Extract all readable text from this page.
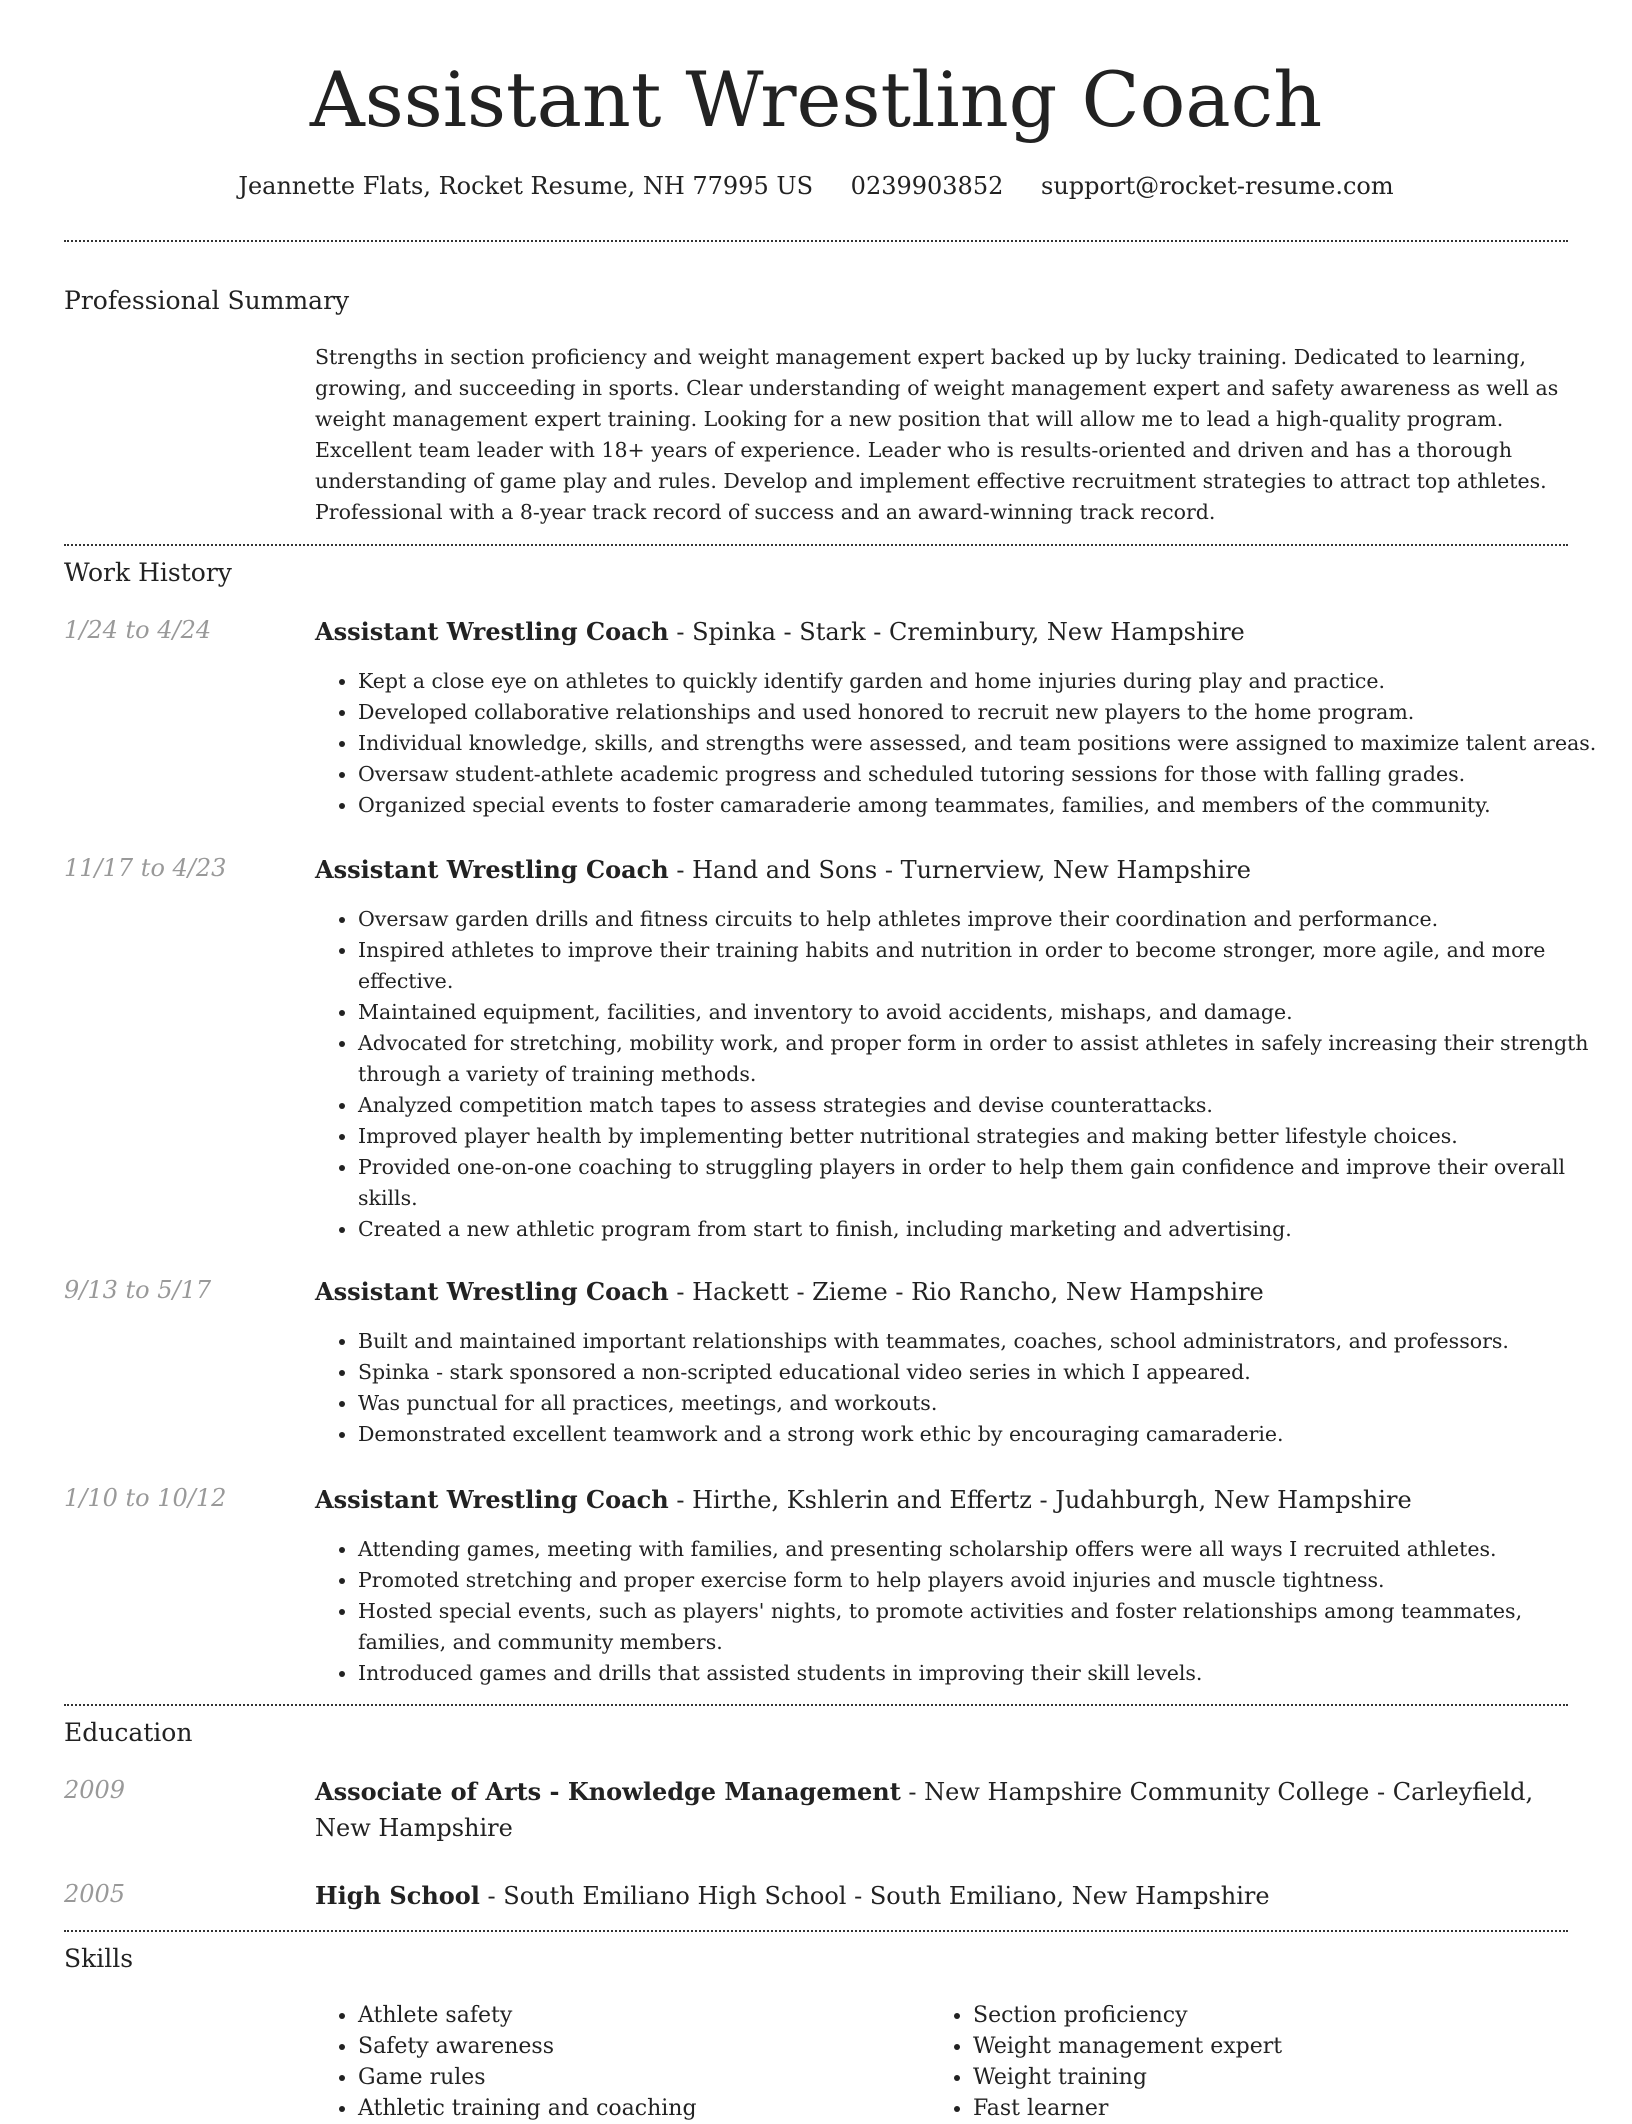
Assistant Wrestling Coach
Jeannette Flats, Rocket Resume, NH 77995 US 0239903852 support@rocket-resume.com
Professional Summary

Strengths in section proficiency and weight management expert backed up by lucky training. Dedicated to learning, growing, and succeeding in sports. Clear understanding of weight management expert and safety awareness as well as weight management expert training. Looking for a new position that will allow me to lead a high-quality program. Excellent team leader with 18+ years of experience. Leader who is results-oriented and driven and has a thorough understanding of game play and rules. Develop and implement effective recruitment strategies to attract top athletes. Professional with a 8-year track record of success and an award-winning track record.

Work History
1/24 to 4/24	Assistant Wrestling Coach - Spinka - Stark - Creminbury, New Hampshire
• Kept a close eye on athletes to quickly identify garden and home injuries during play and practice.
• Developed collaborative relationships and used honored to recruit new players to the home program.
• Individual knowledge, skills, and strengths were assessed, and team positions were assigned to maximize talent areas.
• Oversaw student-athlete academic progress and scheduled tutoring sessions for those with falling grades.
• Organized special events to foster camaraderie among teammates, families, and members of the community.
11/17 to 4/23	Assistant Wrestling Coach - Hand and Sons - Turnerview, New Hampshire
• Oversaw garden drills and fitness circuits to help athletes improve their coordination and performance.
• Inspired athletes to improve their training habits and nutrition in order to become stronger, more agile, and more effective.
• Maintained equipment, facilities, and inventory to avoid accidents, mishaps, and damage.
• Advocated for stretching, mobility work, and proper form in order to assist athletes in safely increasing their strength through a variety of training methods.
• Analyzed competition match tapes to assess strategies and devise counterattacks.
• Improved player health by implementing better nutritional strategies and making better lifestyle choices.
• Provided one-on-one coaching to struggling players in order to help them gain confidence and improve their overall skills.
• Created a new athletic program from start to finish, including marketing and advertising.
9/13 to 5/17	Assistant Wrestling Coach - Hackett - Zieme - Rio Rancho, New Hampshire
• Built and maintained important relationships with teammates, coaches, school administrators, and professors.
• Spinka - stark sponsored a non-scripted educational video series in which I appeared.
• Was punctual for all practices, meetings, and workouts.
• Demonstrated excellent teamwork and a strong work ethic by encouraging camaraderie.
1/10 to 10/12	Assistant Wrestling Coach - Hirthe, Kshlerin and Effertz - Judahburgh, New Hampshire
• Attending games, meeting with families, and presenting scholarship offers were all ways I recruited athletes.
• Promoted stretching and proper exercise form to help players avoid injuries and muscle tightness.
• Hosted special events, such as players' nights, to promote activities and foster relationships among teammates, families, and community members.
• Introduced games and drills that assisted students in improving their skill levels.
Education
2009	Associate of Arts - Knowledge Management - New Hampshire Community College - Carleyfield, New Hampshire
2005	High School - South Emiliano High School - South Emiliano, New Hampshire
Skills
• Athlete safety
• Safety awareness
• Game rules
• Athletic training and coaching
• Section proficiency
• Weight management expert
• Weight training
• Fast learner
